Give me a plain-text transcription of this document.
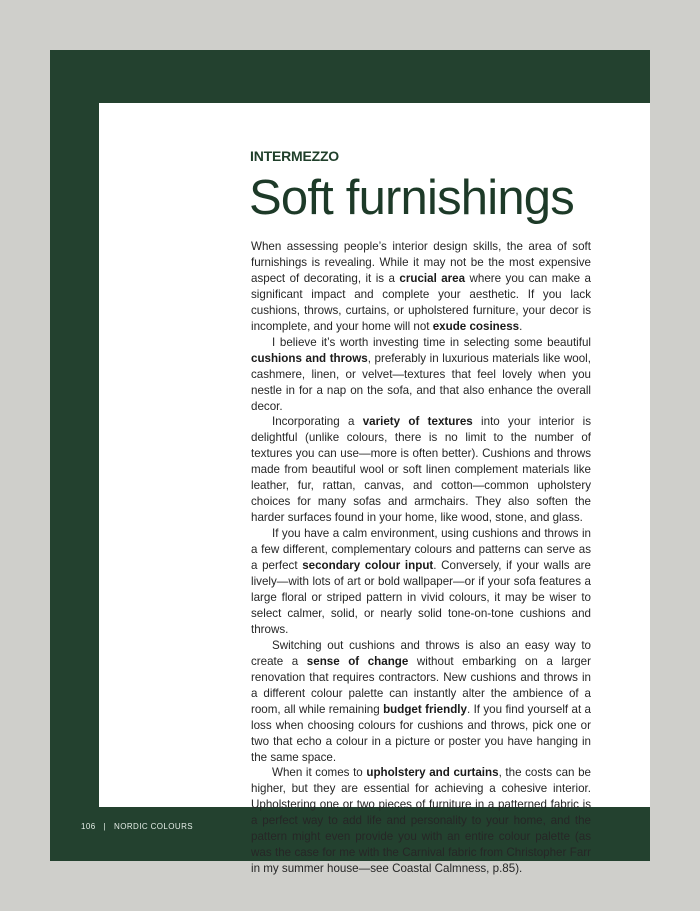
INTERMEZZO
Soft furnishings

When assessing people’s interior design skills, the area of soft furnishings is revealing. While it may not be the most expensive aspect of decorating, it is a crucial area where you can make a significant impact and complete your aesthetic. If you lack cushions, throws, curtains, or upholstered furniture, your decor is incomplete, and your home will not exude cosiness.

I believe it’s worth investing time in selecting some beautiful cushions and throws, preferably in luxurious materials like wool, cashmere, linen, or velvet—textures that feel lovely when you nestle in for a nap on the sofa, and that also enhance the overall decor.

Incorporating a variety of textures into your interior is delightful (unlike colours, there is no limit to the number of textures you can use—more is often better). Cushions and throws made from beautiful wool or soft linen complement materials like leather, fur, rattan, canvas, and cotton—common upholstery choices for many sofas and armchairs. They also soften the harder surfaces found in your home, like wood, stone, and glass.

If you have a calm environment, using cushions and throws in a few different, complementary colours and patterns can serve as a perfect secondary colour input. Conversely, if your walls are lively—with lots of art or bold wallpaper—or if your sofa features a large floral or striped pattern in vivid colours, it may be wiser to select calmer, solid, or nearly solid tone-on-tone cushions and throws.

Switching out cushions and throws is also an easy way to create a sense of change without embarking on a larger renovation that requires contractors. New cushions and throws in a different colour palette can instantly alter the ambience of a room, all while remaining budget friendly. If you find yourself at a loss when choosing colours for cushions and throws, pick one or two that echo a colour in a picture or poster you have hanging in the same space.

When it comes to upholstery and curtains, the costs can be higher, but they are essential for achieving a cohesive interior. Upholstering one or two pieces of furniture in a patterned fabric is a perfect way to add life and personality to your home, and the pattern might even provide you with an entire colour palette (as was the case for me with the Carnival fabric from Christopher Farr in my summer house—see Coastal Calmness, p.85).

106 | NORDIC COLOURS
